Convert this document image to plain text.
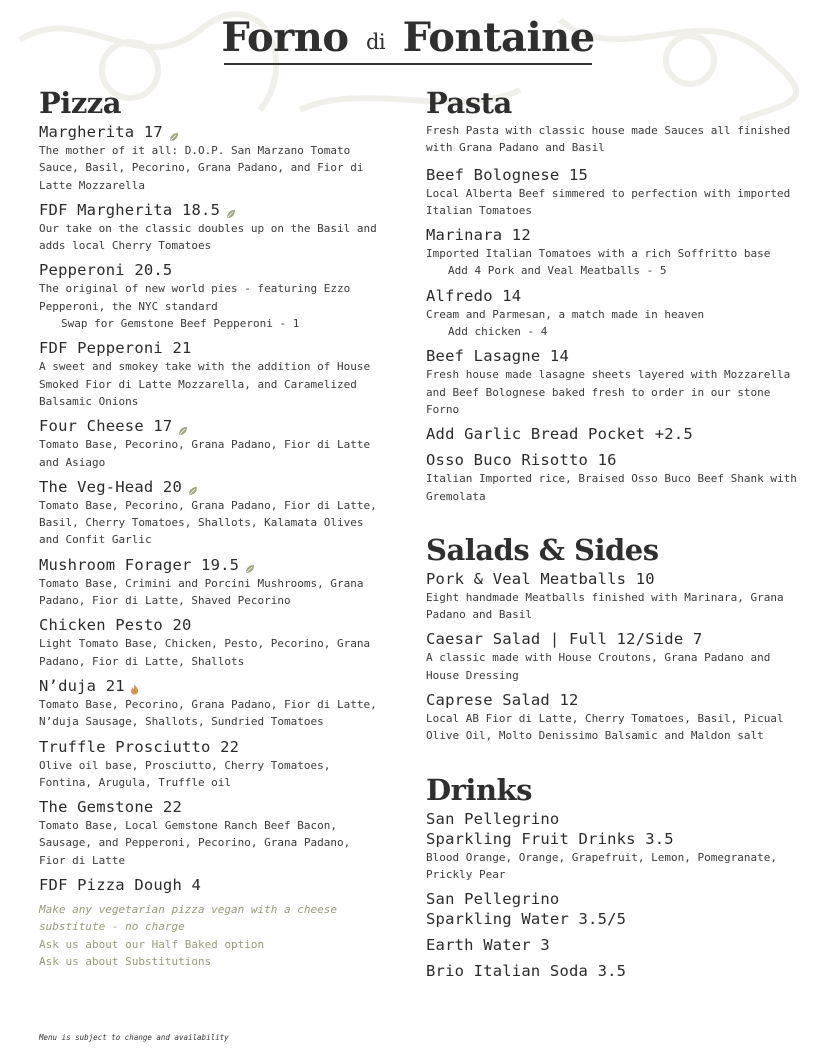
Forno di Fontaine
Pizza
Margherita 17
The mother of it all: D.O.P. San Marzano Tomato Sauce, Basil, Pecorino, Grana Padano, and Fior di Latte Mozzarella
FDF Margherita 18.5
Our take on the classic doubles up on the Basil and adds local Cherry Tomatoes
Pepperoni 20.5
The original of new world pies - featuring Ezzo Pepperoni, the NYC standard
Swap for Gemstone Beef Pepperoni - 1
FDF Pepperoni 21
A sweet and smokey take with the addition of House Smoked Fior di Latte Mozzarella, and Caramelized Balsamic Onions
Four Cheese 17
Tomato Base, Pecorino, Grana Padano, Fior di Latte and Asiago
The Veg-Head 20
Tomato Base, Pecorino, Grana Padano, Fior di Latte, Basil, Cherry Tomatoes, Shallots, Kalamata Olives and Confit Garlic
Mushroom Forager 19.5
Tomato Base, Crimini and Porcini Mushrooms, Grana Padano, Fior di Latte, Shaved Pecorino
Chicken Pesto 20
Light Tomato Base, Chicken, Pesto, Pecorino, Grana Padano, Fior di Latte, Shallots
N’duja 21
Tomato Base, Pecorino, Grana Padano, Fior di Latte, N’duja Sausage, Shallots, Sundried Tomatoes
Truffle Prosciutto 22
Olive oil base, Prosciutto, Cherry Tomatoes, Fontina, Arugula, Truffle oil
The Gemstone 22
Tomato Base, Local Gemstone Ranch Beef Bacon, Sausage, and Pepperoni, Pecorino, Grana Padano, Fior di Latte
FDF Pizza Dough 4
Make any vegetarian pizza vegan with a cheese substitute - no charge
Ask us about our Half Baked option
Ask us about Substitutions
Pasta
Fresh Pasta with classic house made Sauces all finished with Grana Padano and Basil
Beef Bolognese 15
Local Alberta Beef simmered to perfection with imported Italian Tomatoes
Marinara 12
Imported Italian Tomatoes with a rich Soffritto base
Add 4 Pork and Veal Meatballs - 5
Alfredo 14
Cream and Parmesan, a match made in heaven
Add chicken - 4
Beef Lasagne 14
Fresh house made lasagne sheets layered with Mozzarella and Beef Bolognese baked fresh to order in our stone Forno
Add Garlic Bread Pocket +2.5
Osso Buco Risotto 16
Italian Imported rice, Braised Osso Buco Beef Shank with Gremolata
Salads & Sides
Pork & Veal Meatballs 10
Eight handmade Meatballs finished with Marinara, Grana Padano and Basil
Caesar Salad | Full 12/Side 7
A classic made with House Croutons, Grana Padano and House Dressing
Caprese Salad 12
Local AB Fior di Latte, Cherry Tomatoes, Basil, Picual Olive Oil, Molto Denissimo Balsamic and Maldon salt
Drinks
San Pellegrino
Sparkling Fruit Drinks 3.5
Blood Orange, Orange, Grapefruit, Lemon, Pomegranate, Prickly Pear
San Pellegrino
Sparkling Water 3.5/5
Earth Water 3
Brio Italian Soda 3.5
Menu is subject to change and availability
